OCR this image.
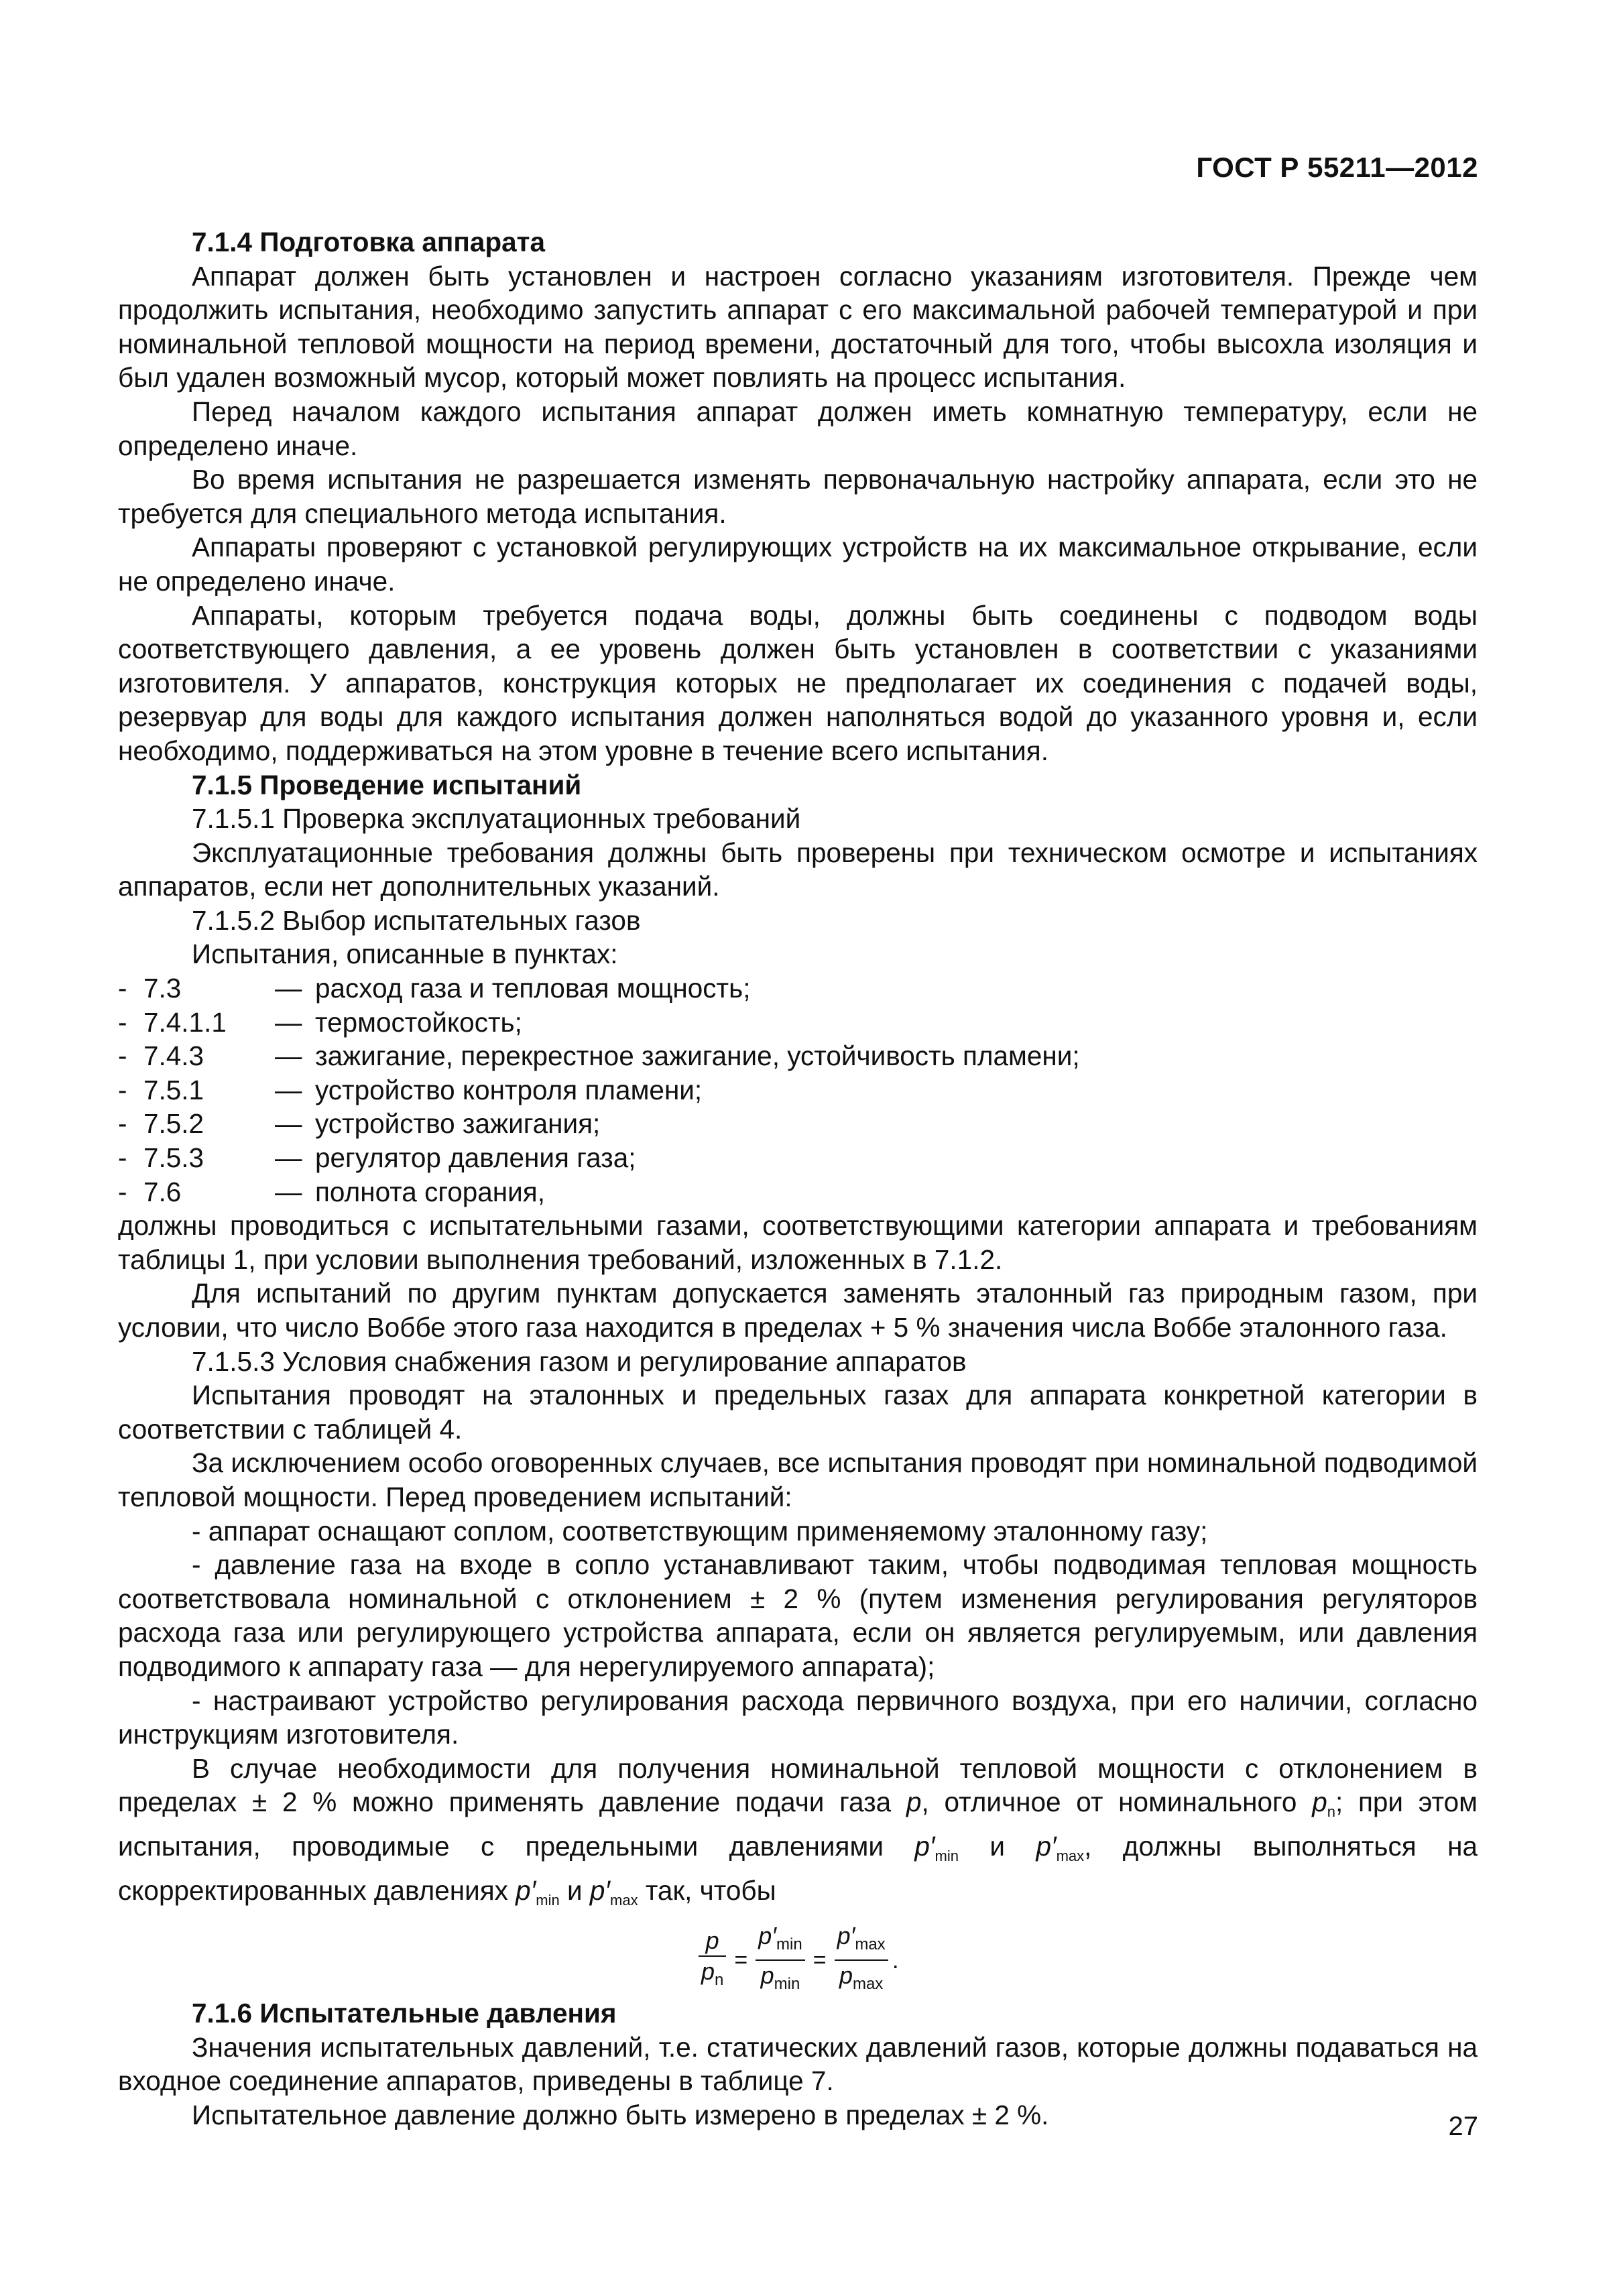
ГОСТ Р 55211—2012

7.1.4 Подготовка аппарата

Аппарат должен быть установлен и настроен согласно указаниям изготовителя. Прежде чем продолжить испытания, необходимо запустить аппарат с его максимальной рабочей температурой и при номинальной тепловой мощности на период времени, достаточный для того, чтобы высохла изоляция и был удален возможный мусор, который может повлиять на процесс испытания.

Перед началом каждого испытания аппарат должен иметь комнатную температуру, если не определено иначе.

Во время испытания не разрешается изменять первоначальную настройку аппарата, если это не требуется для специального метода испытания.

Аппараты проверяют с установкой регулирующих устройств на их максимальное открывание, если не определено иначе.

Аппараты, которым требуется подача воды, должны быть соединены с подводом воды соответствующего давления, а ее уровень должен быть установлен в соответствии с указаниями изготовителя. У аппаратов, конструкция которых не предполагает их соединения с подачей воды, резервуар для воды для каждого испытания должен наполняться водой до указанного уровня и, если необходимо, поддерживаться на этом уровне в течение всего испытания.

7.1.5 Проведение испытаний

7.1.5.1 Проверка эксплуатационных требований

Эксплуатационные требования должны быть проверены при техническом осмотре и испытаниях аппаратов, если нет дополнительных указаний.

7.1.5.2 Выбор испытательных газов

Испытания, описанные в пунктах:

- 7.3	— расход газа и тепловая мощность;
- 7.4.1.1 — термостойкость;
- 7.4.3	— зажигание, перекрестное зажигание, устойчивость пламени;
- 7.5.1	— устройство контроля пламени;
- 7.5.2	— устройство зажигания;
- 7.5.3	— регулятор давления газа;
- 7.6	— полнота сгорания,

должны проводиться с испытательными газами, соответствующими категории аппарата и требованиям таблицы 1, при условии выполнения требований, изложенных в 7.1.2.

Для испытаний по другим пунктам допускается заменять эталонный газ природным газом, при условии, что число Воббе этого газа находится в пределах + 5 % значения числа Воббе эталонного газа.

7.1.5.3 Условия снабжения газом и регулирование аппаратов

Испытания проводят на эталонных и предельных газах для аппарата конкретной категории в соответствии с таблицей 4.

За исключением особо оговоренных случаев, все испытания проводят при номинальной подводимой тепловой мощности. Перед проведением испытаний:

- аппарат оснащают соплом, соответствующим применяемому эталонному газу;

- давление газа на входе в сопло устанавливают таким, чтобы подводимая тепловая мощность соответствовала номинальной с отклонением ± 2 % (путем изменения регулирования регуляторов расхода газа или регулирующего устройства аппарата, если он является регулируемым, или давления подводимого к аппарату газа — для нерегулируемого аппарата);

- настраивают устройство регулирования расхода первичного воздуха, при его наличии, согласно инструкциям изготовителя.

В случае необходимости для получения номинальной тепловой мощности с отклонением в пределах ± 2 % можно применять давление подачи газа p, отличное от номинального $p_n$; при этом испытания, проводимые с предельными давлениями $p'_{min}$ и $p'_{max}$, должны выполняться на скорректированных давлениях $p'_{min}$ и $p'_{max}$ так, чтобы

$\frac{p}{p_n} = \frac{p'_{min}}{p_{min}} = \frac{p'_{max}}{p_{max}}$ .

7.1.6 Испытательные давления

Значения испытательных давлений, т.е. статических давлений газов, которые должны подаваться на входное соединение аппаратов, приведены в таблице 7.

Испытательное давление должно быть измерено в пределах ± 2 %.	27
